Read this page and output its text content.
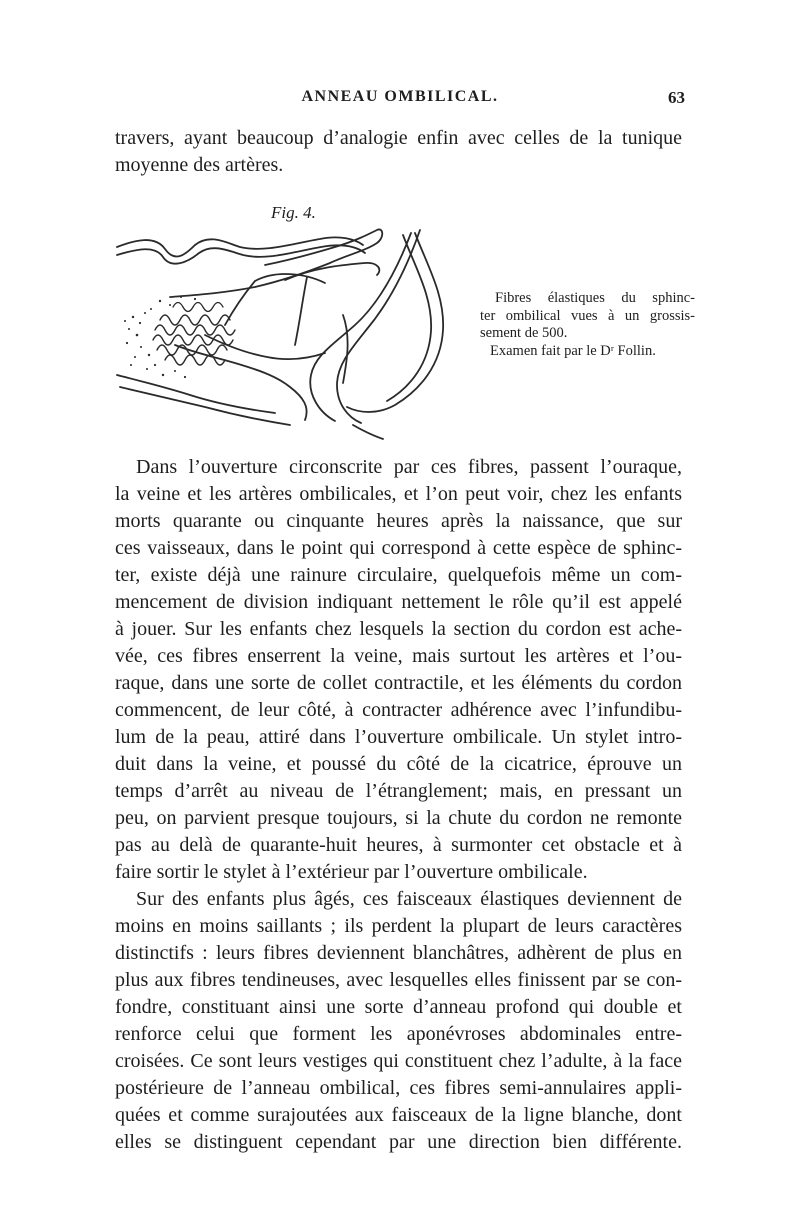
ANNEAU OMBILICAL.	63
travers, ayant beaucoup d’analogie enfin avec celles de la tunique
moyenne des artères.
Fig. 4.
Fibres élastiques du sphinc-
ter ombilical vues à un grossis-
sement de 500.
Examen fait par le Dʳ Follin.
Dans l’ouverture circonscrite par ces fibres, passent l’ouraque,
la veine et les artères ombilicales, et l’on peut voir, chez les enfants
morts quarante ou cinquante heures après la naissance, que sur
ces vaisseaux, dans le point qui correspond à cette espèce de sphinc-
ter, existe déjà une rainure circulaire, quelquefois même un com-
mencement de division indiquant nettement le rôle qu’il est appelé
à jouer. Sur les enfants chez lesquels la section du cordon est ache-
vée, ces fibres enserrent la veine, mais surtout les artères et l’ou-
raque, dans une sorte de collet contractile, et les éléments du cordon
commencent, de leur côté, à contracter adhérence avec l’infundibu-
lum de la peau, attiré dans l’ouverture ombilicale. Un stylet intro-
duit dans la veine, et poussé du côté de la cicatrice, éprouve un
temps d’arrêt au niveau de l’étranglement; mais, en pressant un
peu, on parvient presque toujours, si la chute du cordon ne remonte
pas au delà de quarante-huit heures, à surmonter cet obstacle et à
faire sortir le stylet à l’extérieur par l’ouverture ombilicale.
Sur des enfants plus âgés, ces faisceaux élastiques deviennent de
moins en moins saillants ; ils perdent la plupart de leurs caractères
distinctifs : leurs fibres deviennent blanchâtres, adhèrent de plus en
plus aux fibres tendineuses, avec lesquelles elles finissent par se con-
fondre, constituant ainsi une sorte d’anneau profond qui double et
renforce celui que forment les aponévroses abdominales entre-
croisées. Ce sont leurs vestiges qui constituent chez l’adulte, à la face
postérieure de l’anneau ombilical, ces fibres semi-annulaires appli-
quées et comme surajoutées aux faisceaux de la ligne blanche, dont
elles se distinguent cependant par une direction bien différente.
